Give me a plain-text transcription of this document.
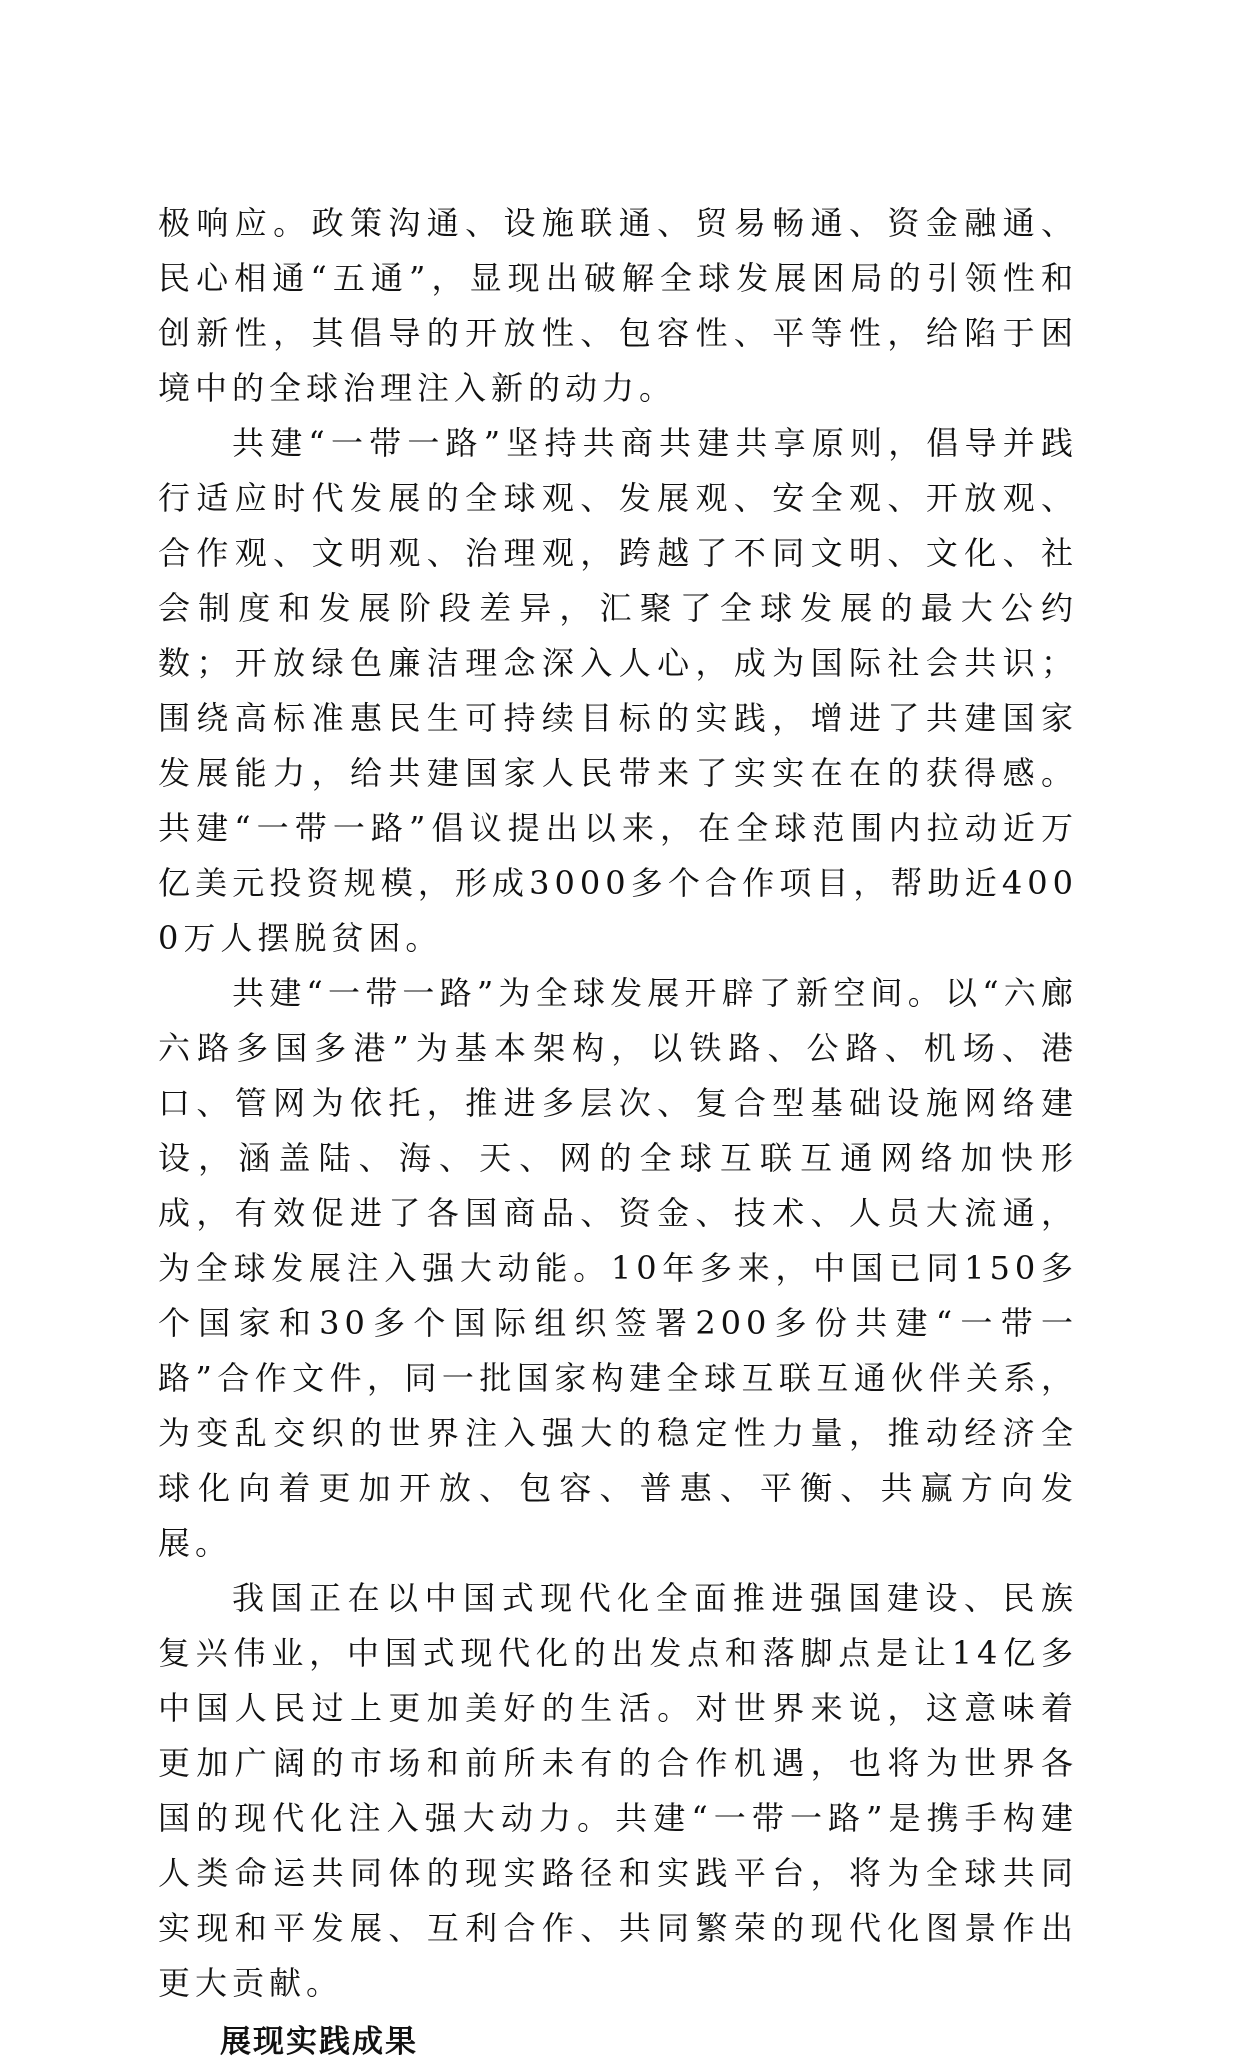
极响应。政策沟通、设施联通、贸易畅通、资金融通、民心相通“五通”，显现出破解全球发展困局的引领性和创新性，其倡导的开放性、包容性、平等性，给陷于困境中的全球治理注入新的动力。

共建“一带一路”坚持共商共建共享原则，倡导并践行适应时代发展的全球观、发展观、安全观、开放观、合作观、文明观、治理观，跨越了不同文明、文化、社会制度和发展阶段差异，汇聚了全球发展的最大公约数；开放绿色廉洁理念深入人心，成为国际社会共识；围绕高标准惠民生可持续目标的实践，增进了共建国家发展能力，给共建国家人民带来了实实在在的获得感。共建“一带一路”倡议提出以来，在全球范围内拉动近万亿美元投资规模，形成3000多个合作项目，帮助近4000万人摆脱贫困。

共建“一带一路”为全球发展开辟了新空间。以“六廊六路多国多港”为基本架构，以铁路、公路、机场、港口、管网为依托，推进多层次、复合型基础设施网络建设，涵盖陆、海、天、网的全球互联互通网络加快形成，有效促进了各国商品、资金、技术、人员大流通，为全球发展注入强大动能。10年多来，中国已同150多个国家和30多个国际组织签署200多份共建“一带一路”合作文件，同一批国家构建全球互联互通伙伴关系，为变乱交织的世界注入强大的稳定性力量，推动经济全球化向着更加开放、包容、普惠、平衡、共赢方向发展。

我国正在以中国式现代化全面推进强国建设、民族复兴伟业，中国式现代化的出发点和落脚点是让14亿多中国人民过上更加美好的生活。对世界来说，这意味着更加广阔的市场和前所未有的合作机遇，也将为世界各国的现代化注入强大动力。共建“一带一路”是携手构建人类命运共同体的现实路径和实践平台，将为全球共同实现和平发展、互利合作、共同繁荣的现代化图景作出更大贡献。

展现实践成果
